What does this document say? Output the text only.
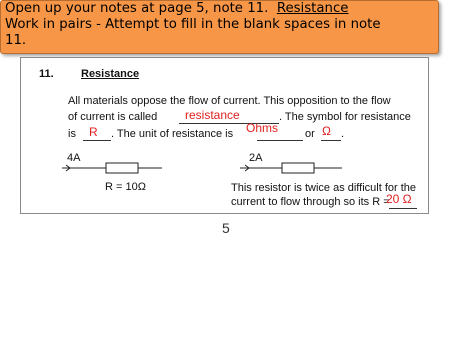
Open up your notes at page 5, note 11. Resistance
Work in pairs - Attempt to fill in the blank spaces in note
11.
11. Resistance
All materials oppose the flow of current. This opposition to the flow
of current is called	. The symbol for resistance
is	. The unit of resistance is	or .
4A
R = 10Ω
2A
This resistor is twice as difficult for the
current to flow through so its R =
resistance
R	Ohms	Ω
20 Ω
5
